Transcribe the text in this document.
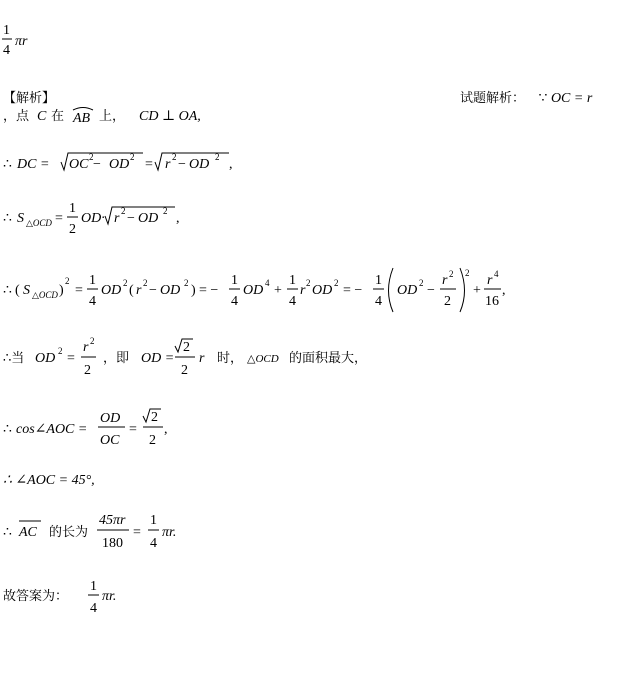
1
4
πr
【解析】	试题解析： ∵ OC = r
，点 C 在 AB 上， CD ⊥ OA,
∴ DC = OC 2 − OD 2 = r 2 − OD 2 ,
∴ S △OCD =
1
2
OD· r 2 − OD 2 ,
∴ ( S △OCD )
2
=
1
4
OD 2 ( r 2 − OD 2 ) = −
1
4
OD 4 +
1
4
r 2 OD 2 = −
1
4
OD 2 −
r 2
2
2
+
r 4
16
,
∴当 OD 2 =
r 2
2
，即 OD =
2
2
r 时， △OCD 的面积最大，
∴ cos∠AOC =
OD
OC
=
2
2
,
∴ ∠AOC = 45°,
∴ AC 的长为
45πr
180
=
1
4
πr.
故答案为：
1
4
πr.
